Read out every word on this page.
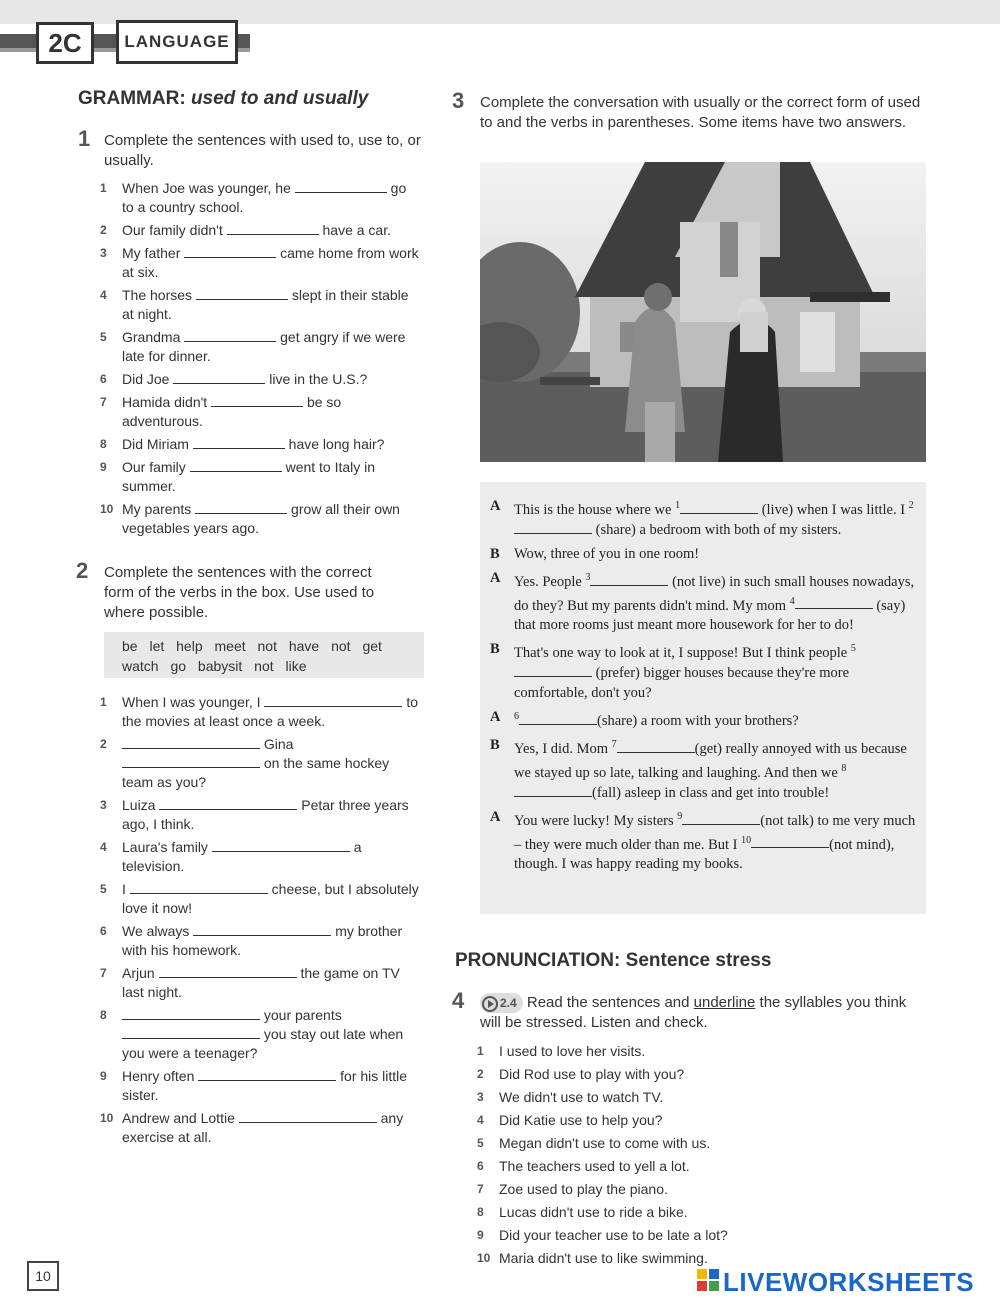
2C	LANGUAGE
GRAMMAR: used to and usually
1 Complete the sentences with used to, use to, or usually.
1	When Joe was younger, he	go to a country school.
2	Our family didn't	have a car.
3	My father	came home from work at six.
4	The horses	slept in their stable at night.
5	Grandma	get angry if we were late for dinner.
6	Did Joe	live in the U.S.?
7	Hamida didn't	be so adventurous.
8	Did Miriam	have long hair?
9	Our family	went to Italy in summer.
10 My parents	grow all their own vegetables years ago.
2 Complete the sentences with the correct form of the verbs in the box. Use used to where possible.
be let help meet not have not get
watch go babysit not like
1	When I was younger, I	to the movies at least once a week.
2	Gina
on the same hockey team as you?
3	Luiza	Petar three years ago, I think.
4	Laura's family	a television.
5	I	cheese, but I absolutely love it now!
6	We always	my brother with his homework.
7	Arjun	the game on TV last night.
8	your parents
you stay out late when you were a teenager?
9	Henry often	for his little sister.
10 Andrew and Lottie	any exercise at all.
3 Complete the conversation with usually or the correct form of used to and the verbs in parentheses. Some items have two answers.
A This is the house where we $^1$	(live) when I was little. I $^2$ (share) a bedroom with both of my sisters.
B Wow, three of you in one room!
A Yes. People $^3$	(not live) in such small houses nowadays, do they? But my parents didn't mind. My mom $^4$	(say) that more rooms just meant more housework for her to do!
B That's one way to look at it, I suppose! But I think people $^5$ (prefer) bigger houses because they're more comfortable, don't you?
A $^6$	(share) a room with your brothers?
B Yes, I did. Mom $^7$	(get) really annoyed with us because we stayed up so late, talking and laughing. And then we $^8$(fall) asleep in class and get into trouble!
A You were lucky! My sisters $^9$	(not talk) to me very much – they were much older than me. But I $^{10}$	(not mind), though. I was happy reading my books.
PRONUNCIATION: Sentence stress
4	2.4 Read the sentences and underline the syllables you think will be stressed. Listen and check.
1	I used to love her visits.
2	Did Rod use to play with you?
3	We didn't use to watch TV.
4	Did Katie use to help you?
5	Megan didn't use to come with us.
6	The teachers used to yell a lot.
7	Zoe used to play the piano.
8	Lucas didn't use to ride a bike.
9	Did your teacher use to be late a lot?
10 Maria didn't use to like swimming.
10	LIVEWORKSHEETS
